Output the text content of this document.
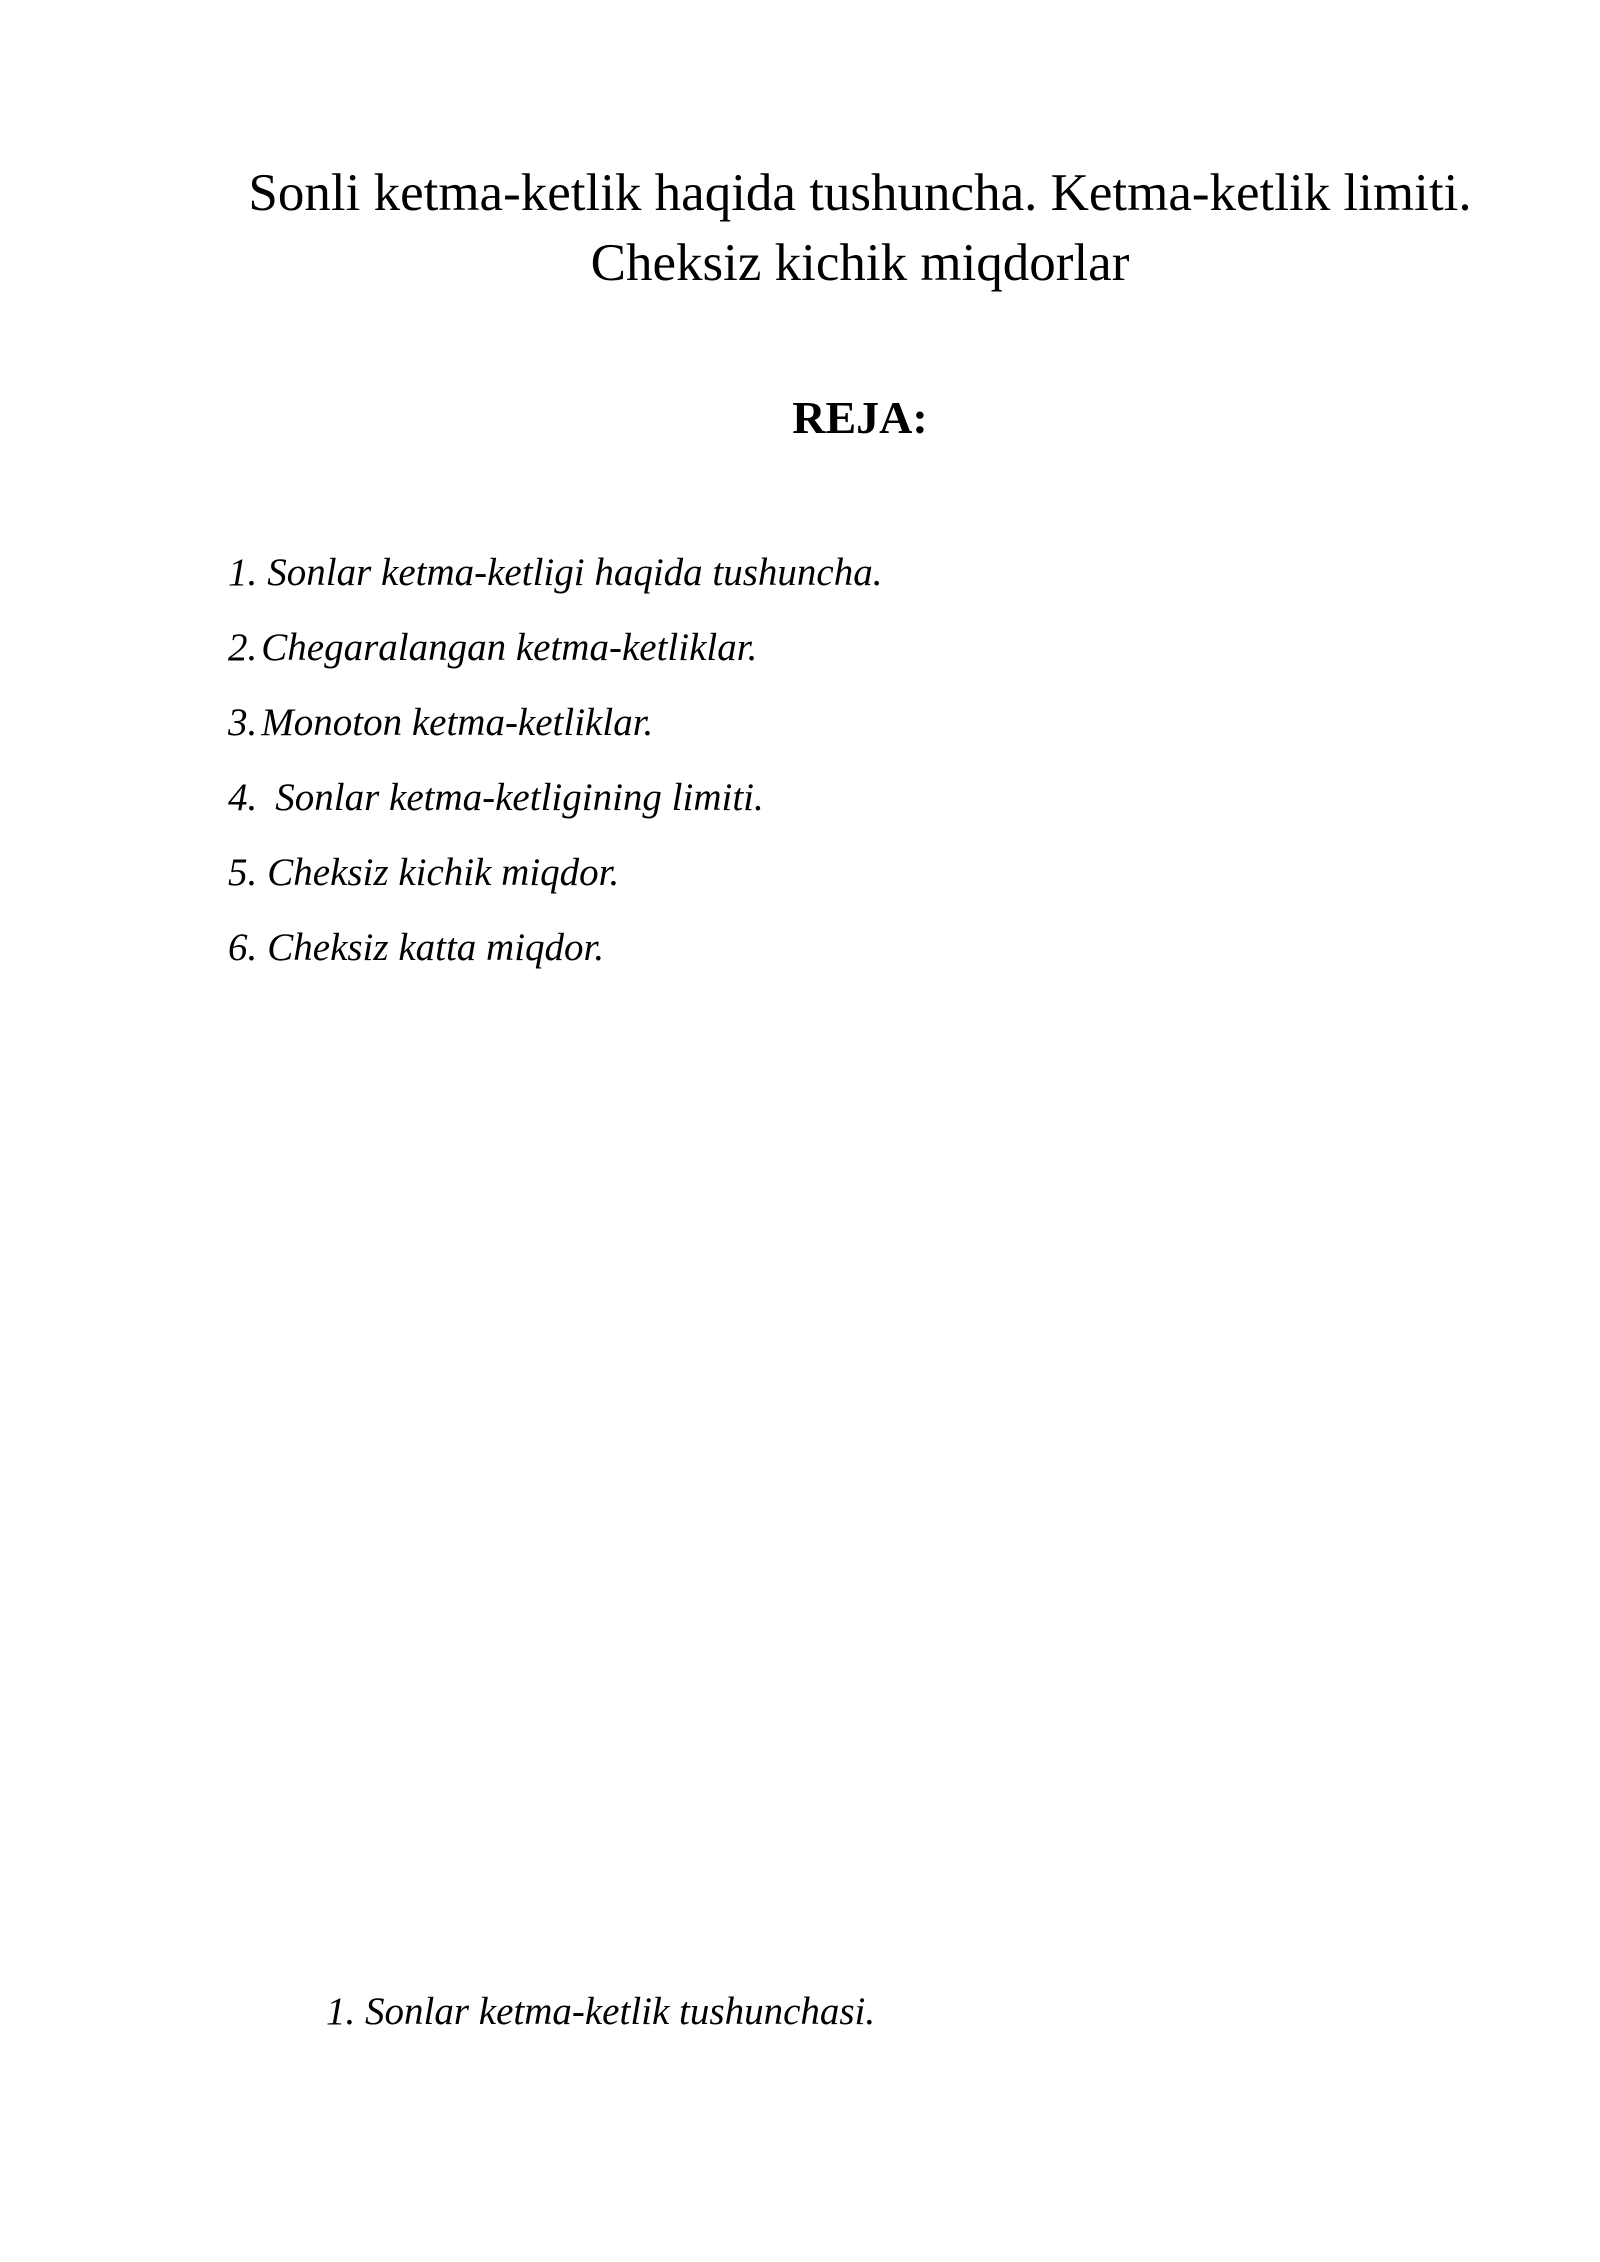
Sonli ketma-ketlik haqida tushuncha. Ketma-ketlik limiti. Cheksiz kichik miqdorlar
REJA:
1. Sonlar ketma-ketligi haqida tushuncha.
2. Chegaralangan ketma-ketliklar.
3. Monoton ketma-ketliklar.
4. Sonlar ketma-ketligining limiti.
5. Cheksiz kichik miqdor.
6. Cheksiz katta miqdor.
1. Sonlar ketma-ketlik tushunchasi.
